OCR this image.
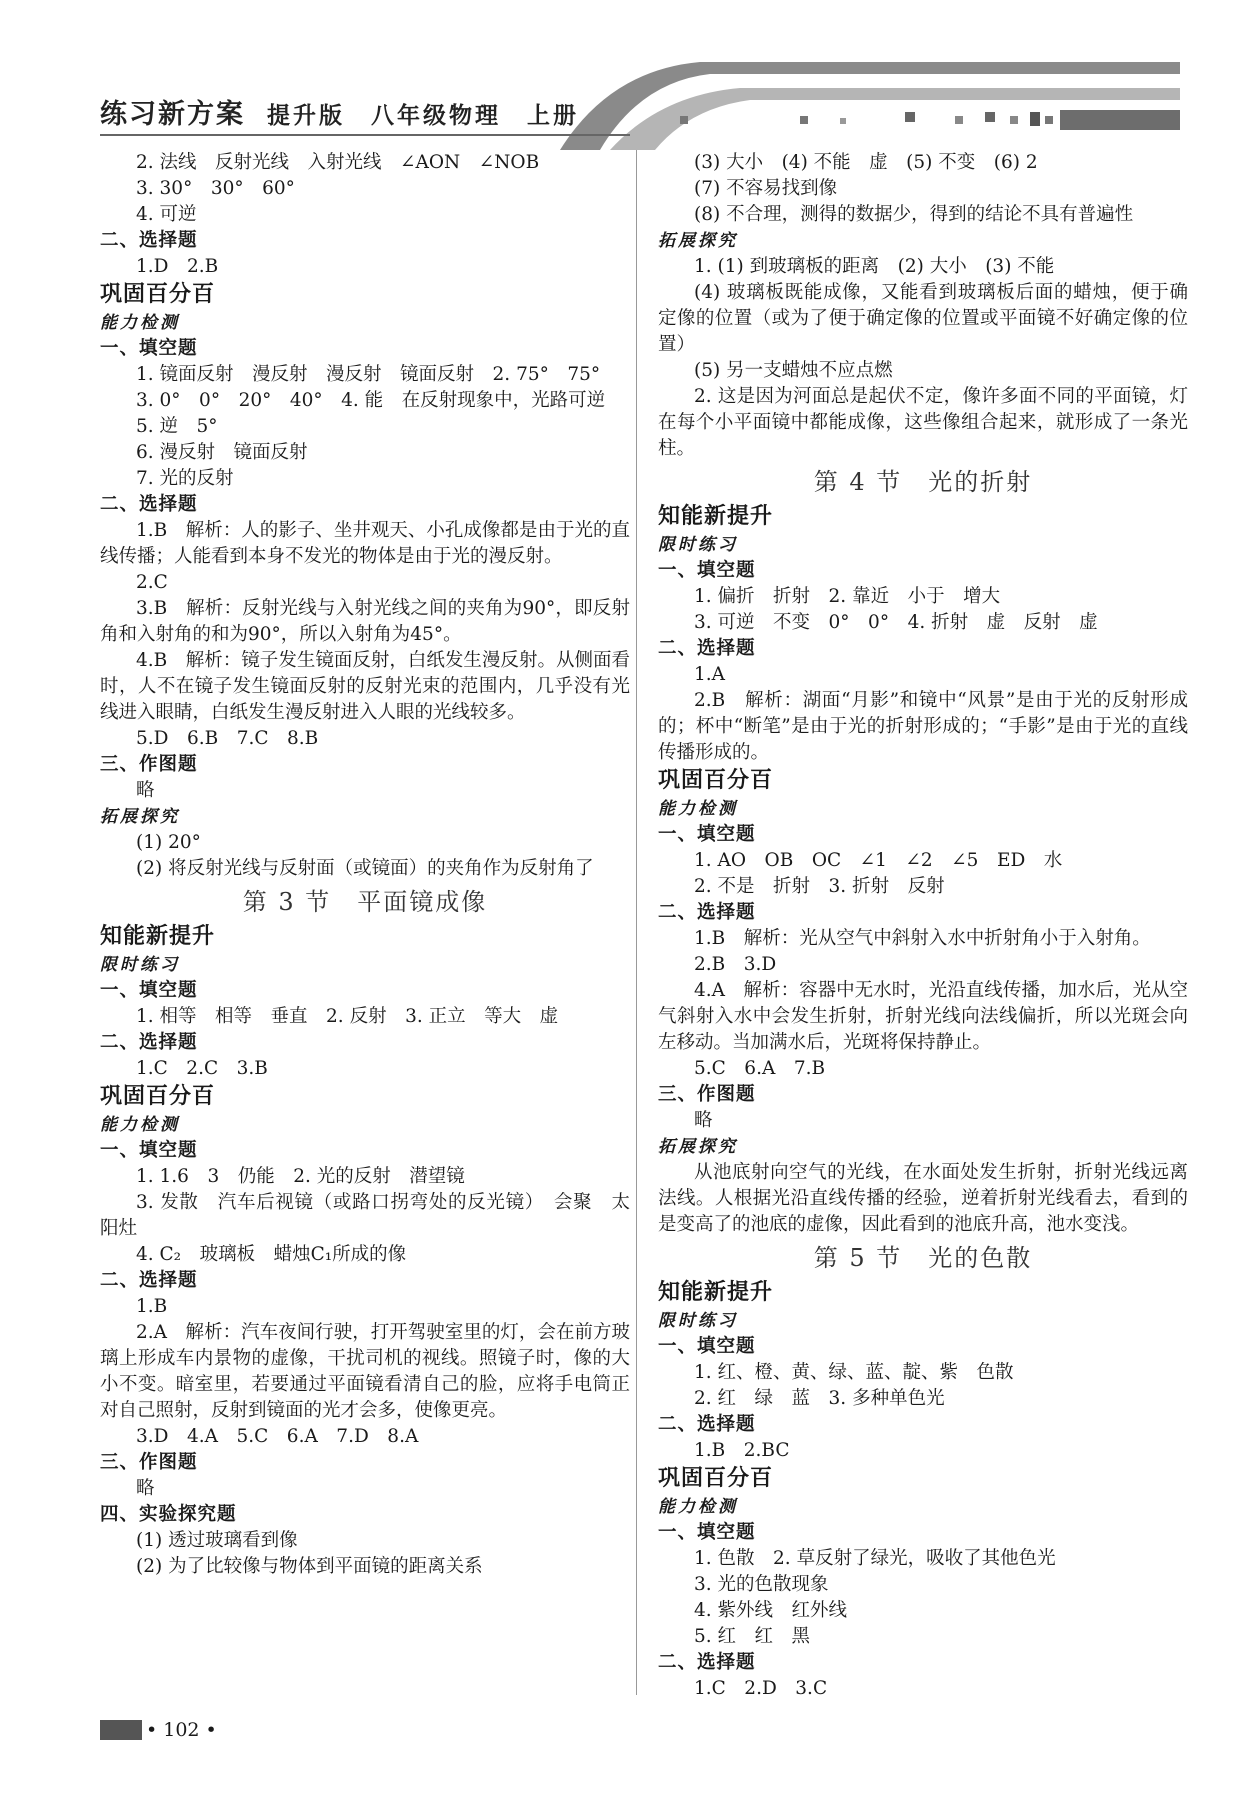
练习新方案 提升版　八年级物理　上册
2. 法线　反射光线　入射光线　∠AON　∠NOB
3. 30°　30°　60°
4. 可逆
二、选择题
1.D　2.B
巩固百分百
能力检测
一、填空题
1. 镜面反射　漫反射　漫反射　镜面反射　2. 75°　75°
3. 0°　0°　20°　40°　4. 能　在反射现象中，光路可逆
5. 逆　5°
6. 漫反射　镜面反射
7. 光的反射
二、选择题
1.B　解析：人的影子、坐井观天、小孔成像都是由于光的直线传播；人能看到本身不发光的物体是由于光的漫反射。
2.C
3.B　解析：反射光线与入射光线之间的夹角为90°，即反射角和入射角的和为90°，所以入射角为45°。
4.B　解析：镜子发生镜面反射，白纸发生漫反射。从侧面看时，人不在镜子发生镜面反射的反射光束的范围内，几乎没有光线进入眼睛，白纸发生漫反射进入人眼的光线较多。
5.D　6.B　7.C　8.B
三、作图题
略
拓展探究
(1) 20°
(2) 将反射光线与反射面（或镜面）的夹角作为反射角了
第 3 节 平面镜成像
知能新提升
限时练习
一、填空题
1. 相等　相等　垂直　2. 反射　3. 正立　等大　虚
二、选择题
1.C　2.C　3.B
巩固百分百
能力检测
一、填空题
1. 1.6　3　仍能　2. 光的反射　潜望镜
3. 发散　汽车后视镜（或路口拐弯处的反光镜）　会聚　太阳灶
4. C₂　玻璃板　蜡烛C₁所成的像
二、选择题
1.B
2.A　解析：汽车夜间行驶，打开驾驶室里的灯，会在前方玻璃上形成车内景物的虚像，干扰司机的视线。照镜子时，像的大小不变。暗室里，若要通过平面镜看清自己的脸，应将手电筒正对自己照射，反射到镜面的光才会多，使像更亮。
3.D　4.A　5.C　6.A　7.D　8.A
三、作图题
略
四、实验探究题
(1) 透过玻璃看到像
(2) 为了比较像与物体到平面镜的距离关系
(3) 大小　(4) 不能　虚　(5) 不变　(6) 2
(7) 不容易找到像
(8) 不合理，测得的数据少，得到的结论不具有普遍性
拓展探究
1. (1) 到玻璃板的距离　(2) 大小　(3) 不能
(4) 玻璃板既能成像，又能看到玻璃板后面的蜡烛，便于确定像的位置（或为了便于确定像的位置或平面镜不好确定像的位置）
(5) 另一支蜡烛不应点燃
2. 这是因为河面总是起伏不定，像许多面不同的平面镜，灯在每个小平面镜中都能成像，这些像组合起来，就形成了一条光柱。
第 4 节 光的折射
知能新提升
限时练习
一、填空题
1. 偏折　折射　2. 靠近　小于　增大
3. 可逆　不变　0°　0°　4. 折射　虚　反射　虚
二、选择题
1.A
2.B　解析：湖面“月影”和镜中“风景”是由于光的反射形成的；杯中“断笔”是由于光的折射形成的；“手影”是由于光的直线传播形成的。
巩固百分百
能力检测
一、填空题
1. AO　OB　OC　∠1　∠2　∠5　ED　水
2. 不是　折射　3. 折射　反射
二、选择题
1.B　解析：光从空气中斜射入水中折射角小于入射角。
2.B　3.D
4.A　解析：容器中无水时，光沿直线传播，加水后，光从空气斜射入水中会发生折射，折射光线向法线偏折，所以光斑会向左移动。当加满水后，光斑将保持静止。
5.C　6.A　7.B
三、作图题
略
拓展探究
从池底射向空气的光线，在水面处发生折射，折射光线远离法线。人根据光沿直线传播的经验，逆着折射光线看去，看到的是变高了的池底的虚像，因此看到的池底升高，池水变浅。
第 5 节 光的色散
知能新提升
限时练习
一、填空题
1. 红、橙、黄、绿、蓝、靛、紫　色散
2. 红　绿　蓝　3. 多种单色光
二、选择题
1.B　2.BC
巩固百分百
能力检测
一、填空题
1. 色散　2. 草反射了绿光，吸收了其他色光
3. 光的色散现象
4. 紫外线　红外线
5. 红　红　黑
二、选择题
1.C　2.D　3.C
• 102 •
